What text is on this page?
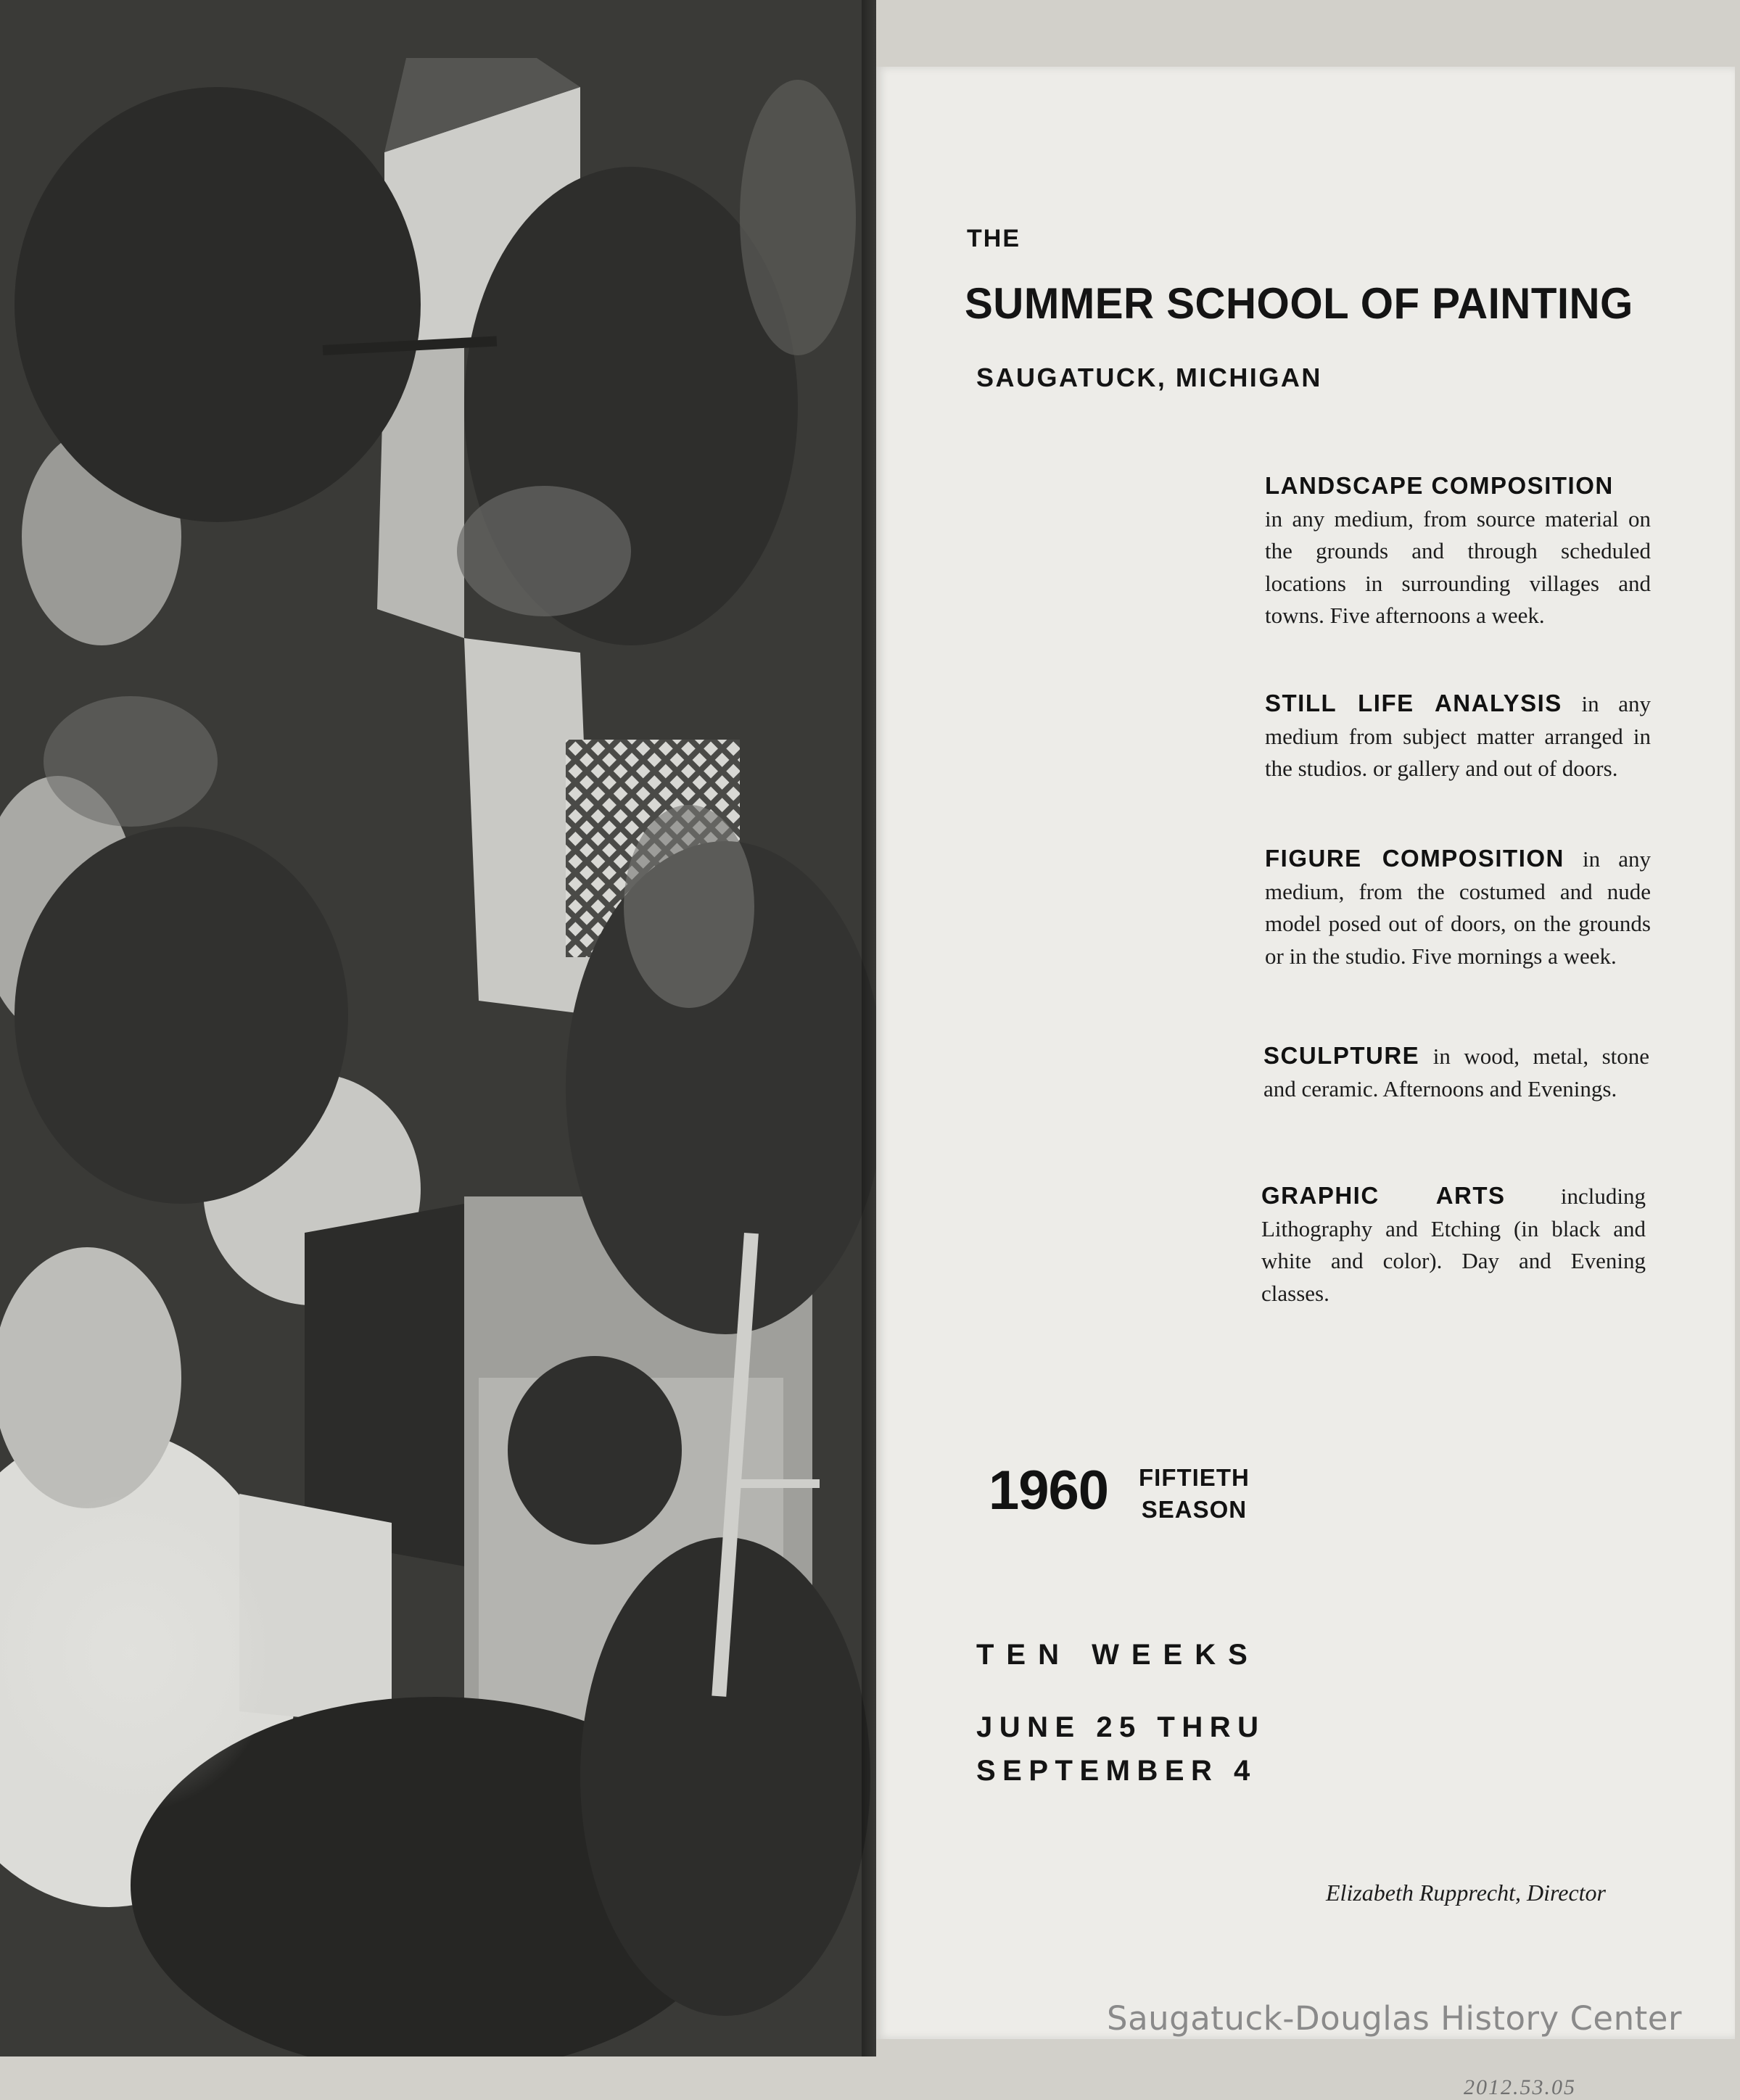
THE
SUMMER SCHOOL OF PAINTING
SAUGATUCK, MICHIGAN
LANDSCAPE COMPOSITION
in any medium, from source material on the grounds and through scheduled locations in surrounding villages and towns. Five afternoons a week.
STILL LIFE ANALYSIS in any medium from subject matter arranged in the studios. or gallery and out of doors.
FIGURE COMPOSITION in any medium, from the costumed and nude model posed out of doors, on the grounds or in the studio. Five mornings a week.
SCULPTURE in wood, metal, stone and ceramic. Afternoons and Evenings.
GRAPHIC ARTS including Lithography and Etching (in black and white and color). Day and Evening classes.
1960 FIFTIETH
SEASON
TEN WEEKS
JUNE 25 THRU
SEPTEMBER 4
Elizabeth Rupprecht, Director
Saugatuck-Douglas History Center
2012.53.05
